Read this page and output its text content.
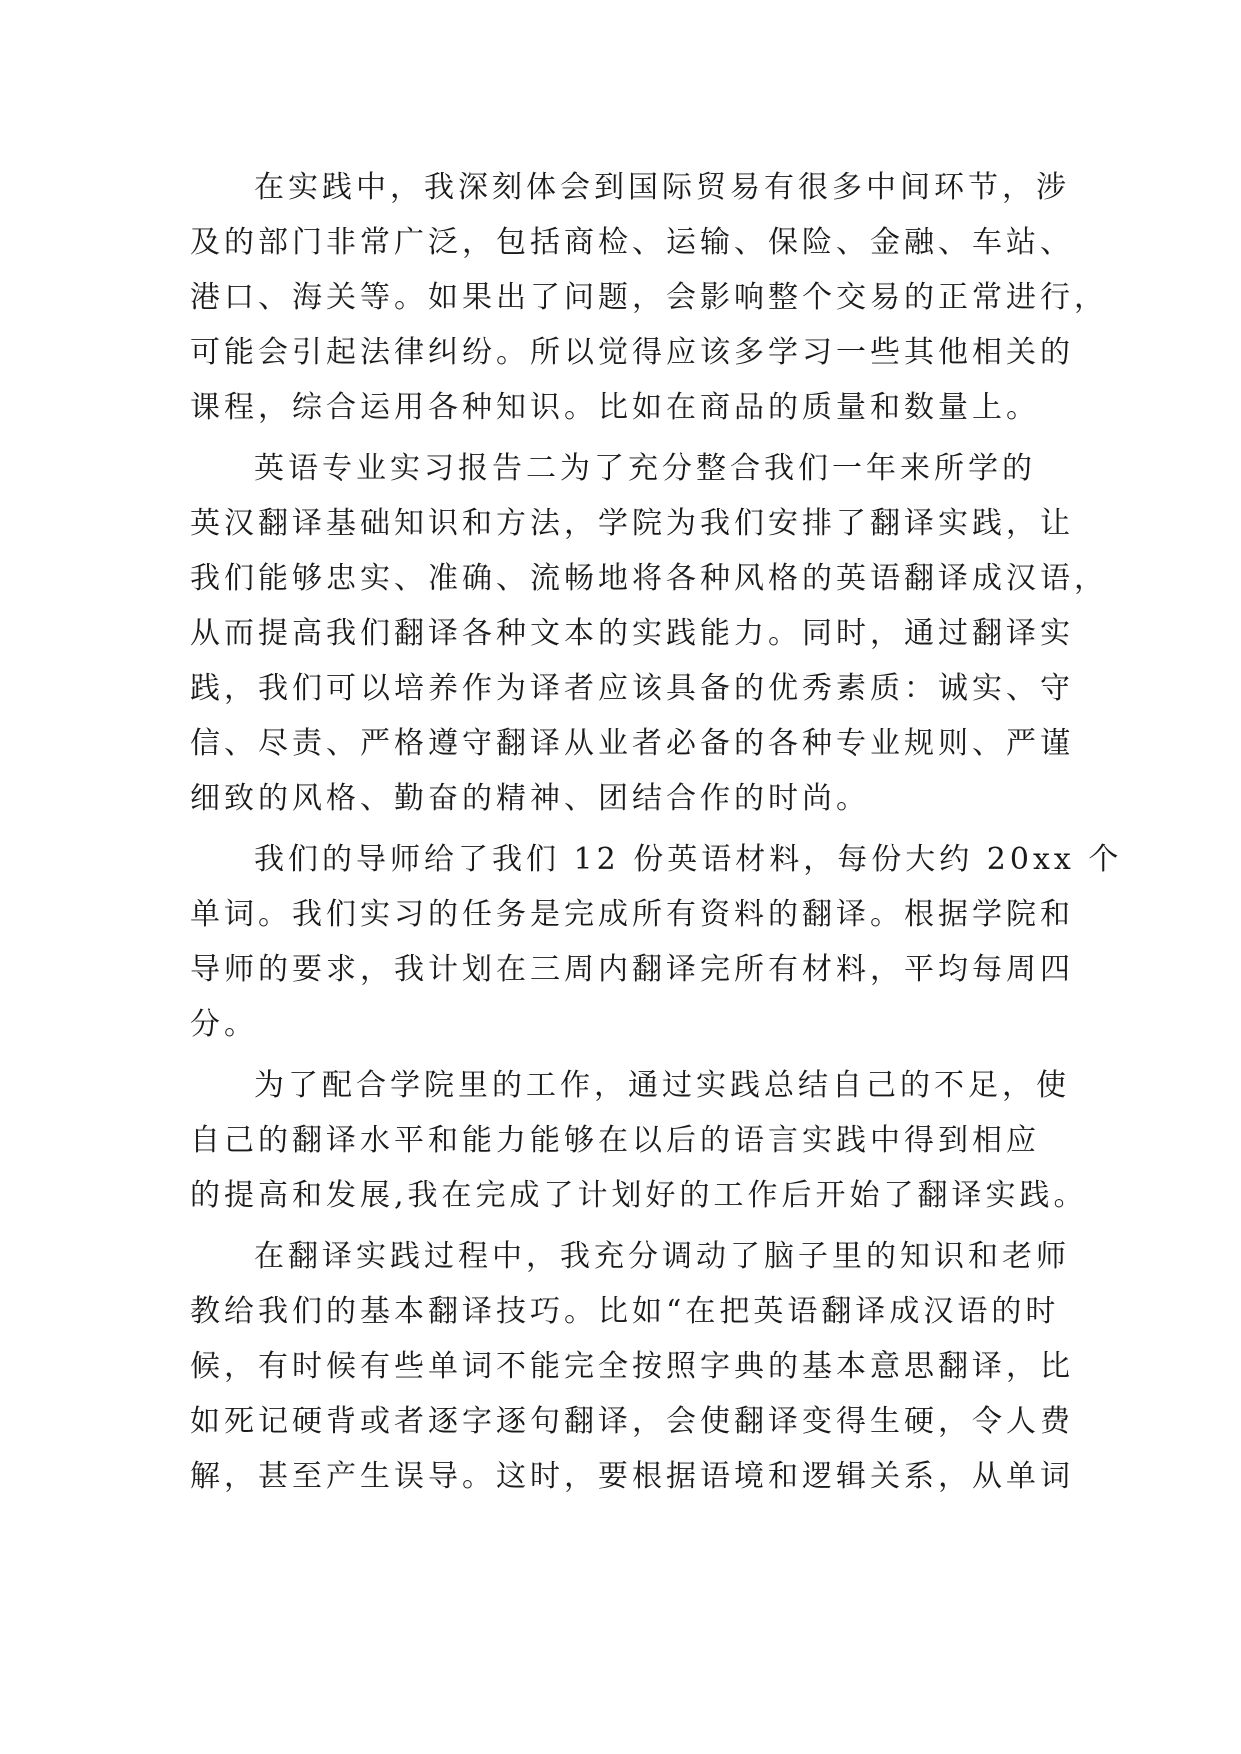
在实践中，我深刻体会到国际贸易有很多中间环节，涉
及的部门非常广泛，包括商检、运输、保险、金融、车站、
港口、海关等。如果出了问题，会影响整个交易的正常进行，
可能会引起法律纠纷。所以觉得应该多学习一些其他相关的
课程，综合运用各种知识。比如在商品的质量和数量上。
英语专业实习报告二为了充分整合我们一年来所学的
英汉翻译基础知识和方法，学院为我们安排了翻译实践，让
我们能够忠实、准确、流畅地将各种风格的英语翻译成汉语，
从而提高我们翻译各种文本的实践能力。同时，通过翻译实
践，我们可以培养作为译者应该具备的优秀素质：诚实、守
信、尽责、严格遵守翻译从业者必备的各种专业规则、严谨
细致的风格、勤奋的精神、团结合作的时尚。
我们的导师给了我们 12 份英语材料，每份大约 20xx 个
单词。我们实习的任务是完成所有资料的翻译。根据学院和
导师的要求，我计划在三周内翻译完所有材料，平均每周四
分。
为了配合学院里的工作，通过实践总结自己的不足，使
自己的翻译水平和能力能够在以后的语言实践中得到相应
的提高和发展,我在完成了计划好的工作后开始了翻译实践。
在翻译实践过程中，我充分调动了脑子里的知识和老师
教给我们的基本翻译技巧。比如“在把英语翻译成汉语的时
候，有时候有些单词不能完全按照字典的基本意思翻译，比
如死记硬背或者逐字逐句翻译，会使翻译变得生硬，令人费
解，甚至产生误导。这时，要根据语境和逻辑关系，从单词
